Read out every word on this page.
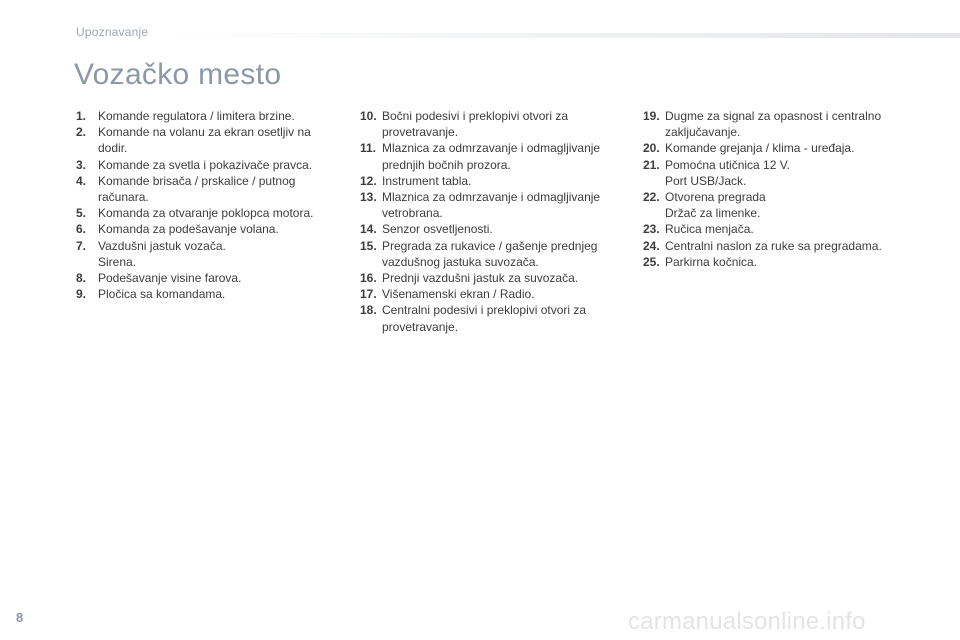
Upoznavanje
Vozačko mesto
1. Komande regulatora / limitera brzine.
2. Komande na volanu za ekran osetljiv na dodir.
3. Komande za svetla i pokazivače pravca.
4. Komande brisača / prskalice / putnog računara.
5. Komanda za otvaranje poklopca motora.
6. Komanda za podešavanje volana.
7. Vazdušni jastuk vozača.
Sirena.
8. Podešavanje visine farova.
9. Pločica sa komandama.
10. Bočni podesivi i preklopivi otvori za provetravanje.
11. Mlaznica za odmrzavanje i odmagljivanje prednjih bočnih prozora.
12. Instrument tabla.
13. Mlaznica za odmrzavanje i odmagljivanje vetrobrana.
14. Senzor osvetljenosti.
15. Pregrada za rukavice / gašenje prednjeg vazdušnog jastuka suvozača.
16. Prednji vazdušni jastuk za suvozača.
17. Višenamenski ekran / Radio.
18. Centralni podesivi i preklopivi otvori za provetravanje.
19. Dugme za signal za opasnost i centralno zaključavanje.
20. Komande grejanja / klima - uređaja.
21. Pomoćna utičnica 12 V.
Port USB/Jack.
22. Otvorena pregrada
Držač za limenke.
23. Ručica menjača.
24. Centralni naslon za ruke sa pregradama.
25. Parkirna kočnica.
8	carmanualsonline.info
